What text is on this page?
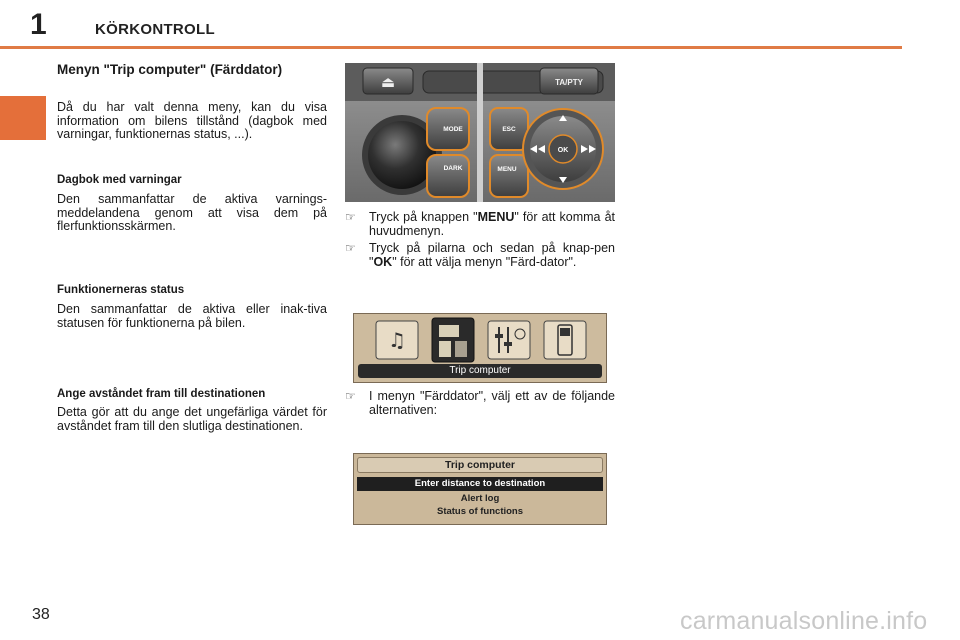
1	KÖRKONTROLL
Menyn "Trip computer" (Färddator)

Då du har valt denna meny, kan du visa information om bilens tillstånd (dagbok med varningar, funktionernas status, ...).

Dagbok med varningar

Den sammanfattar de aktiva varnings-meddelandena genom att visa dem på flerfunktionsskärmen.

Funktionerneras status

Den sammanfattar de aktiva eller inak-tiva statusen för funktionerna på bilen.

Ange avståndet fram till destinationen

Detta gör att du ange det ungefärliga värdet för avståndet fram till den slutliga destinationen.

⏏	TA/PTY
MODE
DARK
ESC
MENU
OK
☞	Tryck på knappen "MENU" för att komma åt huvudmenyn.
☞	Tryck på pilarna och sedan på knap-pen "OK" för att välja menyn "Färd-dator".
♫
Trip computer
☞	I menyn "Färddator", välj ett av de följande alternativen:
Trip computer
Enter distance to destination
Alert log
Status of functions
38	carmanualsonline.info
